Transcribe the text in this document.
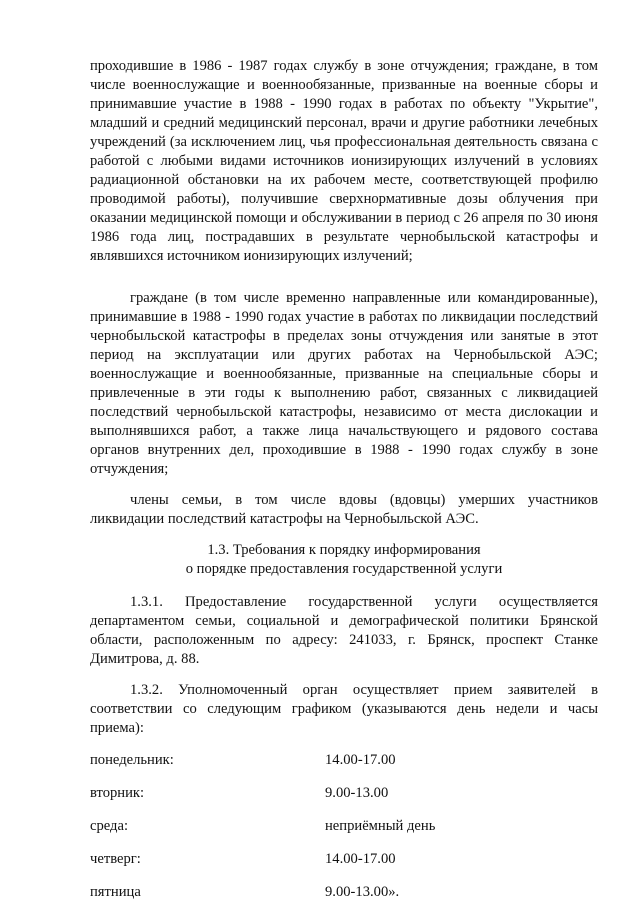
проходившие в 1986 - 1987 годах службу в зоне отчуждения; граждане, в том числе военнослужащие и военнообязанные, призванные на военные сборы и принимавшие участие в 1988 - 1990 годах в работах по объекту "Укрытие", младший и средний медицинский персонал, врачи и другие работники лечебных учреждений (за исключением лиц, чья профессиональная деятельность связана с работой с любыми видами источников ионизирующих излучений в условиях радиационной обстановки на их рабочем месте, соответствующей профилю проводимой работы), получившие сверхнормативные дозы облучения при оказании медицинской помощи и обслуживании в период с 26 апреля по 30 июня 1986 года лиц, пострадавших в результате чернобыльской катастрофы и являвшихся источником ионизирующих излучений;

граждане (в том числе временно направленные или командированные), принимавшие в 1988 - 1990 годах участие в работах по ликвидации последствий чернобыльской катастрофы в пределах зоны отчуждения или занятые в этот период на эксплуатации или других работах на Чернобыльской АЭС; военнослужащие и военнообязанные, призванные на специальные сборы и привлеченные в эти годы к выполнению работ, связанных с ликвидацией последствий чернобыльской катастрофы, независимо от места дислокации и выполнявшихся работ, а также лица начальствующего и рядового состава органов внутренних дел, проходившие в 1988 - 1990 годах службу в зоне отчуждения;

члены семьи, в том числе вдовы (вдовцы) умерших участников ликвидации последствий катастрофы на Чернобыльской АЭС.

1.3. Требования к порядку информирования
о порядке предоставления государственной услуги

1.3.1. Предоставление государственной услуги осуществляется департаментом семьи, социальной и демографической политики Брянской области, расположенным по адресу: 241033, г. Брянск, проспект Станке Димитрова, д. 88.

1.3.2. Уполномоченный орган осуществляет прием заявителей в соответствии со следующим графиком (указываются день недели и часы приема):

понедельник:	14.00-17.00
вторник:	9.00-13.00
среда:	неприёмный день
четверг:	14.00-17.00
пятница	9.00-13.00».
